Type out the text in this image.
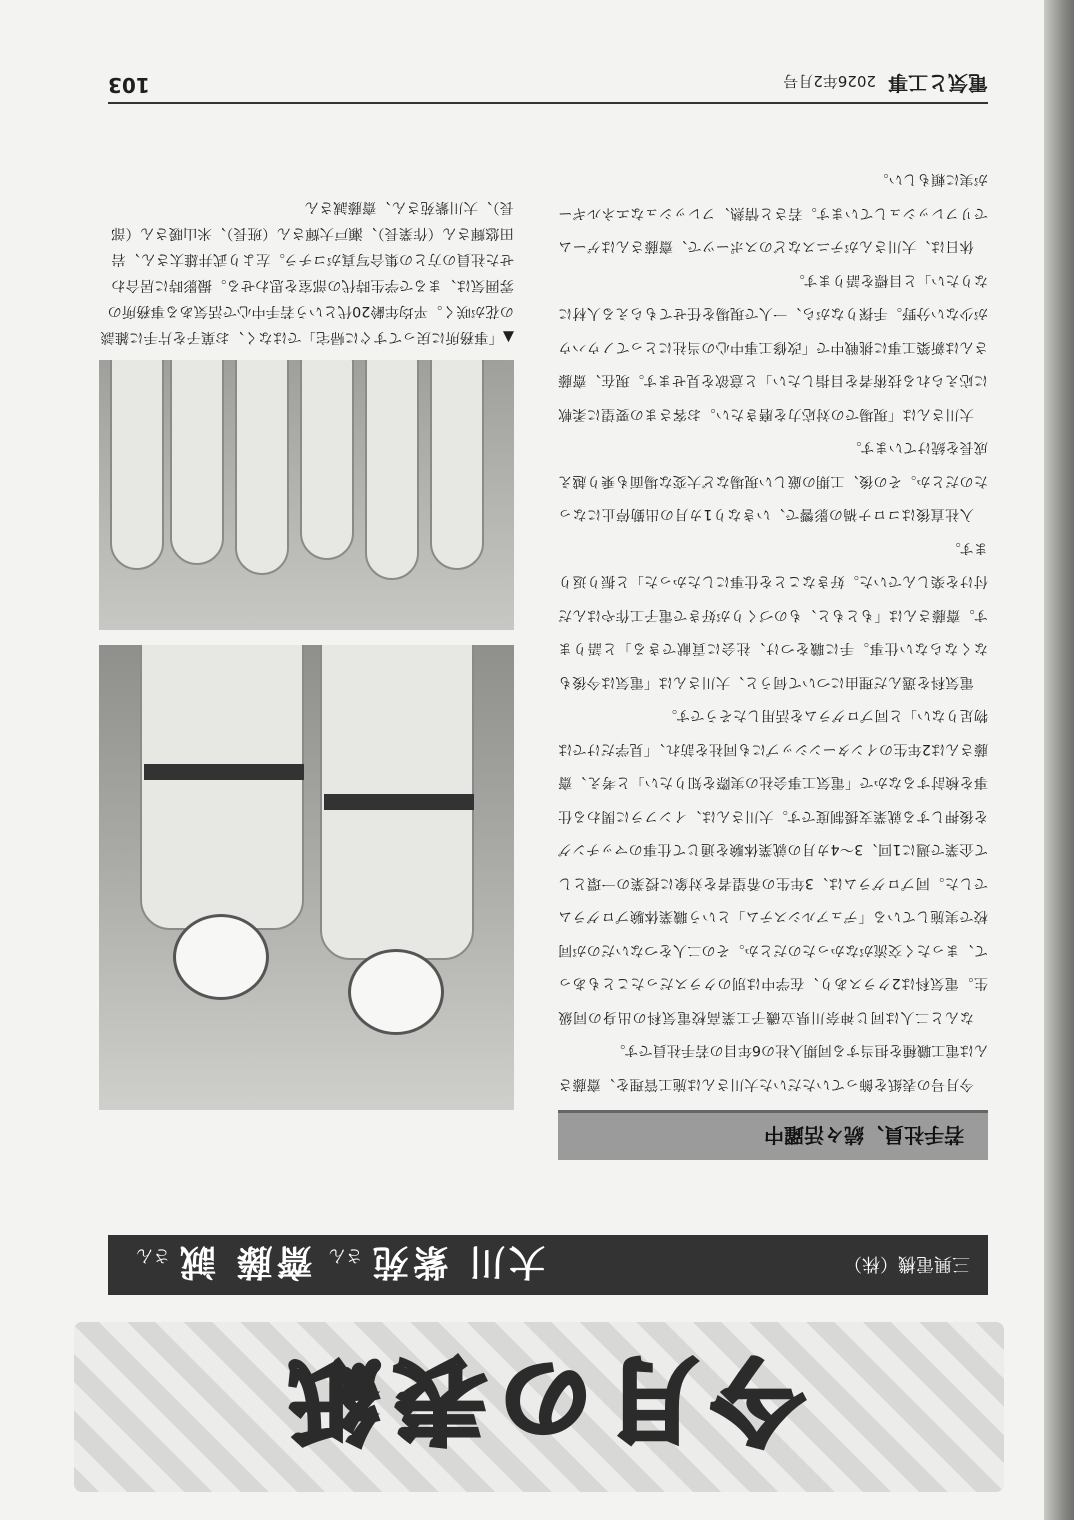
電気と工事
2026年2月号
103
今月の表紙
三興電機（株）
大川 紫苑
さん
齋藤 誠
さん
若手社員、続々活躍中

今月号の表紙を飾っていただいた大川さんは施工管理を、齋藤さんは電工職種を担当する同期入社の6年目の若手社員です。

なんと二人は同じ神奈川県立磯子工業高校電気科の出身の同級生。電気科は2クラスあり、在学中は別のクラスだったこともあって、まったく交流がなかったのだとか。その二人をつないだのが同校で実施している「デュアルシステム」という職業体験プログラムでした。同プログラムは、3年生の希望者を対象に授業の一環として企業で週に1回、3〜4カ月の就業体験を通じて仕事のマッチングを後押しする就業支援制度です。大川さんは、インフラに関わる仕事を検討するなかで「電気工事会社の実際を知りたい」と考え、齋藤さんは2年生のインターンシップにも同社を訪れ、「見学だけでは物足りない」と同プログラムを活用したそうです。

電気科を選んだ理由について伺うと、大川さんは「電気は今後もなくならない仕事。手に職をつけ、社会に貢献できる」と語ります。齋藤さんは「もともと、ものづくりが好きで電子工作やはんだ付けを楽しんでいた。好きなことを仕事にしたかった」と振り返ります。

入社直後はコロナ禍の影響で、いきなり1カ月の出勤停止になったのだとか。その後、工期の厳しい現場など大変な場面も乗り越え成長を続けています。

大川さんは「現場での対応力を磨きたい。お客さまの要望に柔軟に応えられる技術者を目指したい」と意欲を見せます。現在、齋藤さんは新築工事に挑戦中で「改修工事中心の当社にとってノウハウが少ない分野。手探りながら、一人で現場を任せてもらえる人材になりたい」と目標を語ります。

休日は、大川さんがテニスなどのスポーツで、齋藤さんはゲームでリフレッシュしています。若さと情熱、フレッシュなエネルギーが実に頼もしい。

▲「事務所に戻ってすぐに帰宅」ではなく、お菓子を片手に雑談の花が咲く。平均年齢20代という若手中心で活気ある事務所の雰囲気は、まるで学生時代の部室を思わせる。撮影時に居合わせた社員の方との集合写真がコチラ。左より武井雄太さん、岩田悠輝さん（作業長）、瀬戸大輝さん（班長）、米山暖さん（部長）、大川紫苑さん、齋藤誠さん
